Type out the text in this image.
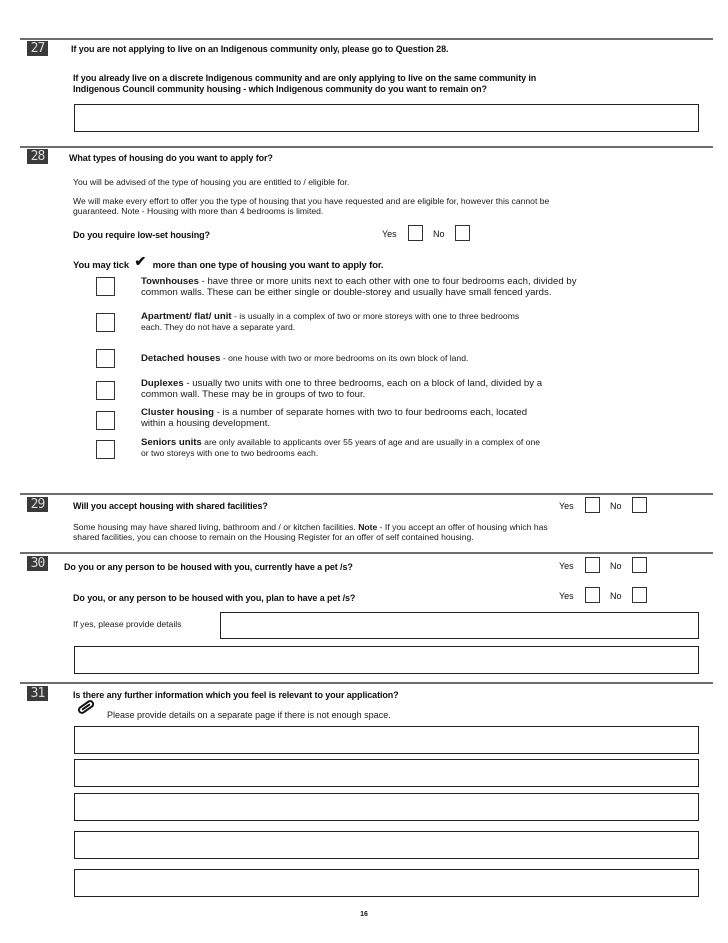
27	If you are not applying to live on an Indigenous community only, please go to Question 28.
If you already live on a discrete Indigenous community and are only applying to live on the same community in
Indigenous Council community housing - which Indigenous community do you want to remain on?
28	What types of housing do you want to apply for?
You will be advised of the type of housing you are entitled to / eligible for.
We will make every effort to offer you the type of housing that you have requested and are eligible for, however this cannot be
guaranteed. Note - Housing with more than 4 bedrooms is limited.
Do you require low-set housing?	Yes	No
You may tick ✔ more than one type of housing you want to apply for.
Townhouses - have three or more units next to each other with one to four bedrooms each, divided by
common walls. These can be either single or double-storey and usually have small fenced yards.
Apartment/ flat/ unit - is usually in a complex of two or more storeys with one to three bedrooms
each. They do not have a separate yard.
Detached houses - one house with two or more bedrooms on its own block of land.
Duplexes - usually two units with one to three bedrooms, each on a block of land, divided by a
common wall. These may be in groups of two to four.
Cluster housing - is a number of separate homes with two to four bedrooms each, located
within a housing development.
Seniors units are only available to applicants over 55 years of age and are usually in a complex of one
or two storeys with one to two bedrooms each.
29	Will you accept housing with shared facilities?	Yes	No
Some housing may have shared living, bathroom and / or kitchen facilities. Note - If you accept an offer of housing which has
shared facilities, you can choose to remain on the Housing Register for an offer of self contained housing.
30	Do you or any person to be housed with you, currently have a pet /s?	Yes	No
Do you, or any person to be housed with you, plan to have a pet /s?	Yes	No
If yes, please provide details
31	Is there any further information which you feel is relevant to your application?
Please provide details on a separate page if there is not enough space.
16
